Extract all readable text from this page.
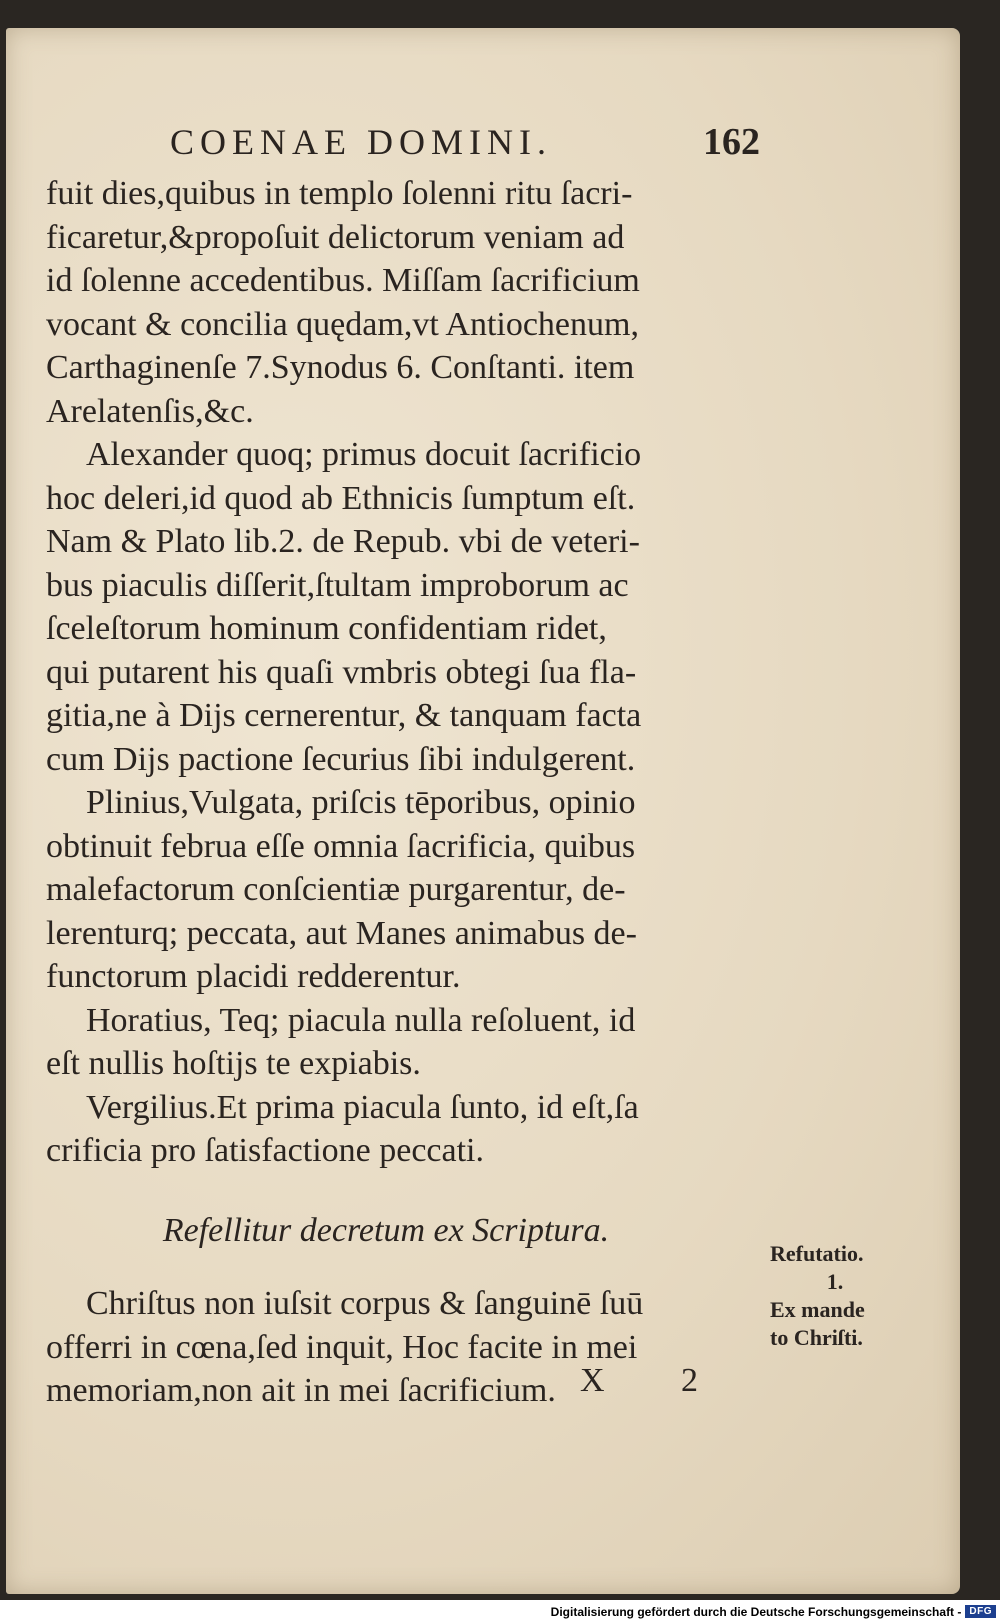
COENAE DOMINI.	162
fuit dies,quibus in templo ſolenni ritu ſacri-
ficaretur,&propoſuit delictorum veniam ad
id ſolenne accedentibus. Miſſam ſacrificium
vocant & concilia quędam,vt Antiochenum,
Carthaginenſe 7.Synodus 6. Conſtanti. item
Arelatenſis,&c.
Alexander quoq; primus docuit ſacrificio
hoc deleri,id quod ab Ethnicis ſumptum eſt.
Nam & Plato lib.2. de Repub. vbi de veteri-
bus piaculis diſſerit,ſtultam improborum ac
ſceleſtorum hominum confidentiam ridet,
qui putarent his quaſi vmbris obtegi ſua fla-
gitia,ne à Dijs cernerentur, & tanquam facta
cum Dijs pactione ſecurius ſibi indulgerent.
Plinius,Vulgata, priſcis tēporibus, opinio
obtinuit februa eſſe omnia ſacrificia, quibus
malefactorum conſcientiæ purgarentur, de-
lerenturq; peccata, aut Manes animabus de-
functorum placidi redderentur.
Horatius, Teq; piacula nulla reſoluent, id
eſt nullis hoſtijs te expiabis.
Vergilius.Et prima piacula ſunto, id eſt,ſa
crificia pro ſatisfactione peccati.
Refellitur decretum ex Scriptura.
Chriſtus non iuſsit corpus & ſanguinē ſuū
offerri in cœna,ſed inquit, Hoc facite in mei
memoriam,non ait in mei ſacrificium.
Refutatio.
1.
Ex mande
to Chriſti.
X 2
Digitalisierung gefördert durch die Deutsche Forschungsgemeinschaft - DFG
